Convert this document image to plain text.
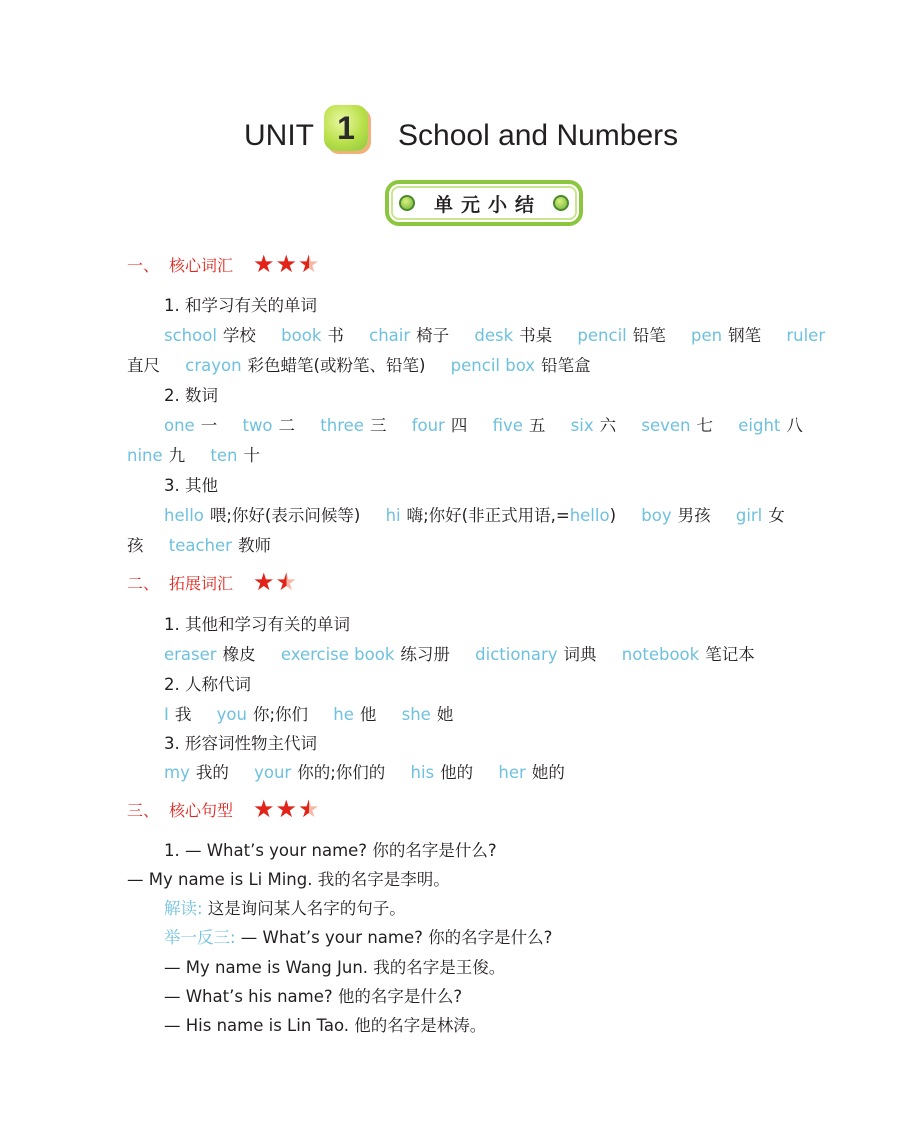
UNIT 1	School and Numbers
单元小结
一、 核心词汇 ★ ★ ★
1. 和学习有关的单词
school 学校 book 书 chair 椅子 desk 书桌 pencil 铅笔 pen 钢笔 ruler
直尺 crayon 彩色蜡笔(或粉笔、铅笔) pencil box 铅笔盒
2. 数词
one 一 two 二 three 三 four 四 five 五 six 六 seven 七 eight 八
nine 九 ten 十
3. 其他
hello 喂;你好(表示问候等) hi 嗨;你好(非正式用语,=hello) boy 男孩 girl 女
孩 teacher 教师
二、 拓展词汇 ★ ★
1. 其他和学习有关的单词
eraser 橡皮 exercise book 练习册 dictionary 词典 notebook 笔记本
2. 人称代词
I 我 you 你;你们 he 他 she 她
3. 形容词性物主代词
my 我的 your 你的;你们的 his 他的 her 她的
三、 核心句型 ★ ★ ★
1. — What’s your name? 你的名字是什么?
— My name is Li Ming. 我的名字是李明。
解读: 这是询问某人名字的句子。
举一反三: — What’s your name? 你的名字是什么?
— My name is Wang Jun. 我的名字是王俊。
— What’s his name? 他的名字是什么?
— His name is Lin Tao. 他的名字是林涛。
